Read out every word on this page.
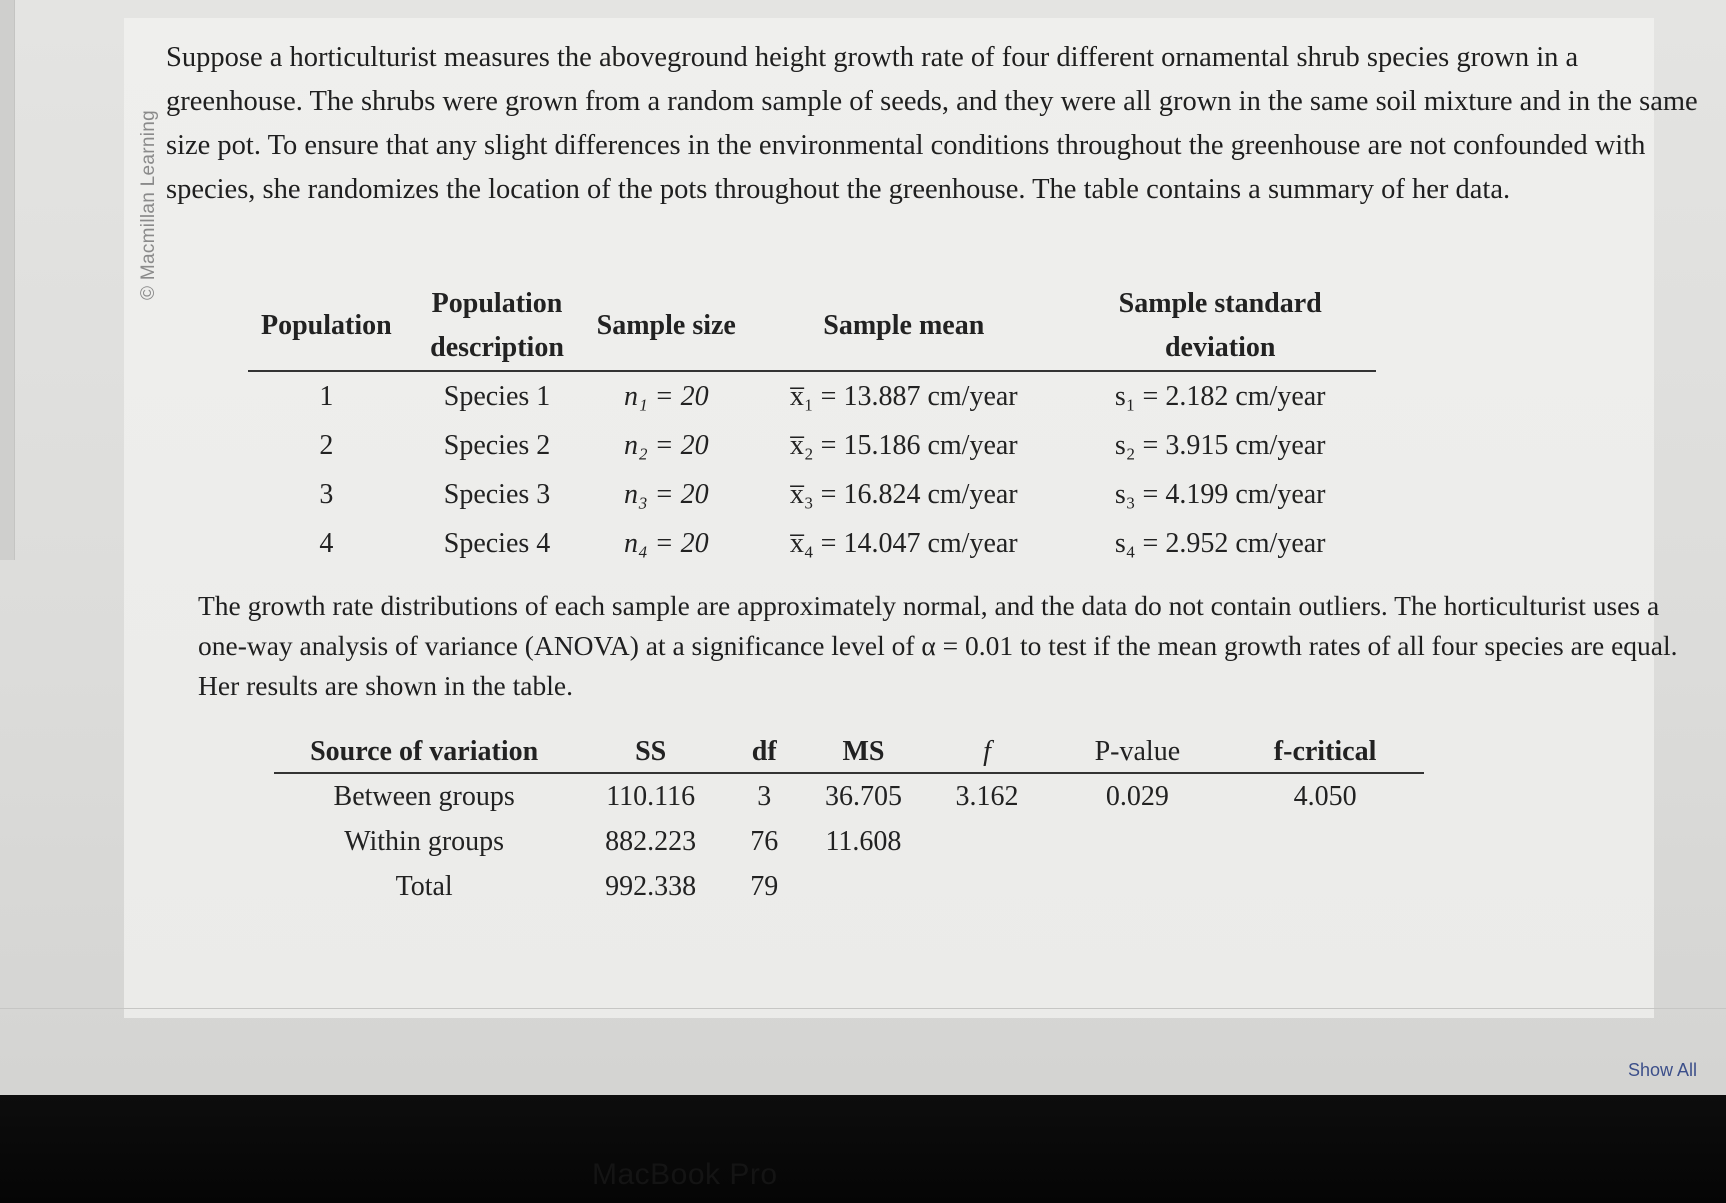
© Macmillan Learning

Suppose a horticulturist measures the aboveground height growth rate of four different ornamental shrub species grown in a greenhouse. The shrubs were grown from a random sample of seeds, and they were all grown in the same soil mixture and in the same size pot. To ensure that any slight differences in the environmental conditions throughout the greenhouse are not confounded with species, she randomizes the location of the pots throughout the greenhouse. The table contains a summary of her data.

Population	Population description	Sample size	Sample mean	Sample standard deviation
1	Species 1	n₁ = 20	x̅₁ = 13.887 cm/year	s₁ = 2.182 cm/year
2	Species 2	n₂ = 20	x̅₂ = 15.186 cm/year	s₂ = 3.915 cm/year
3	Species 3	n₃ = 20	x̅₃ = 16.824 cm/year	s₃ = 4.199 cm/year
4	Species 4	n₄ = 20	x̅₄ = 14.047 cm/year	s₄ = 2.952 cm/year

The growth rate distributions of each sample are approximately normal, and the data do not contain outliers. The horticulturist uses a one-way analysis of variance (ANOVA) at a significance level of α = 0.01 to test if the mean growth rates of all four species are equal. Her results are shown in the table.

Source of variation	SS	df	MS	f	P-value	f-critical
Between groups	110.116	3	36.705	3.162	0.029	4.050
Within groups	882.223	76	11.608			
Total	992.338	79				
Show All
MacBook Pro
